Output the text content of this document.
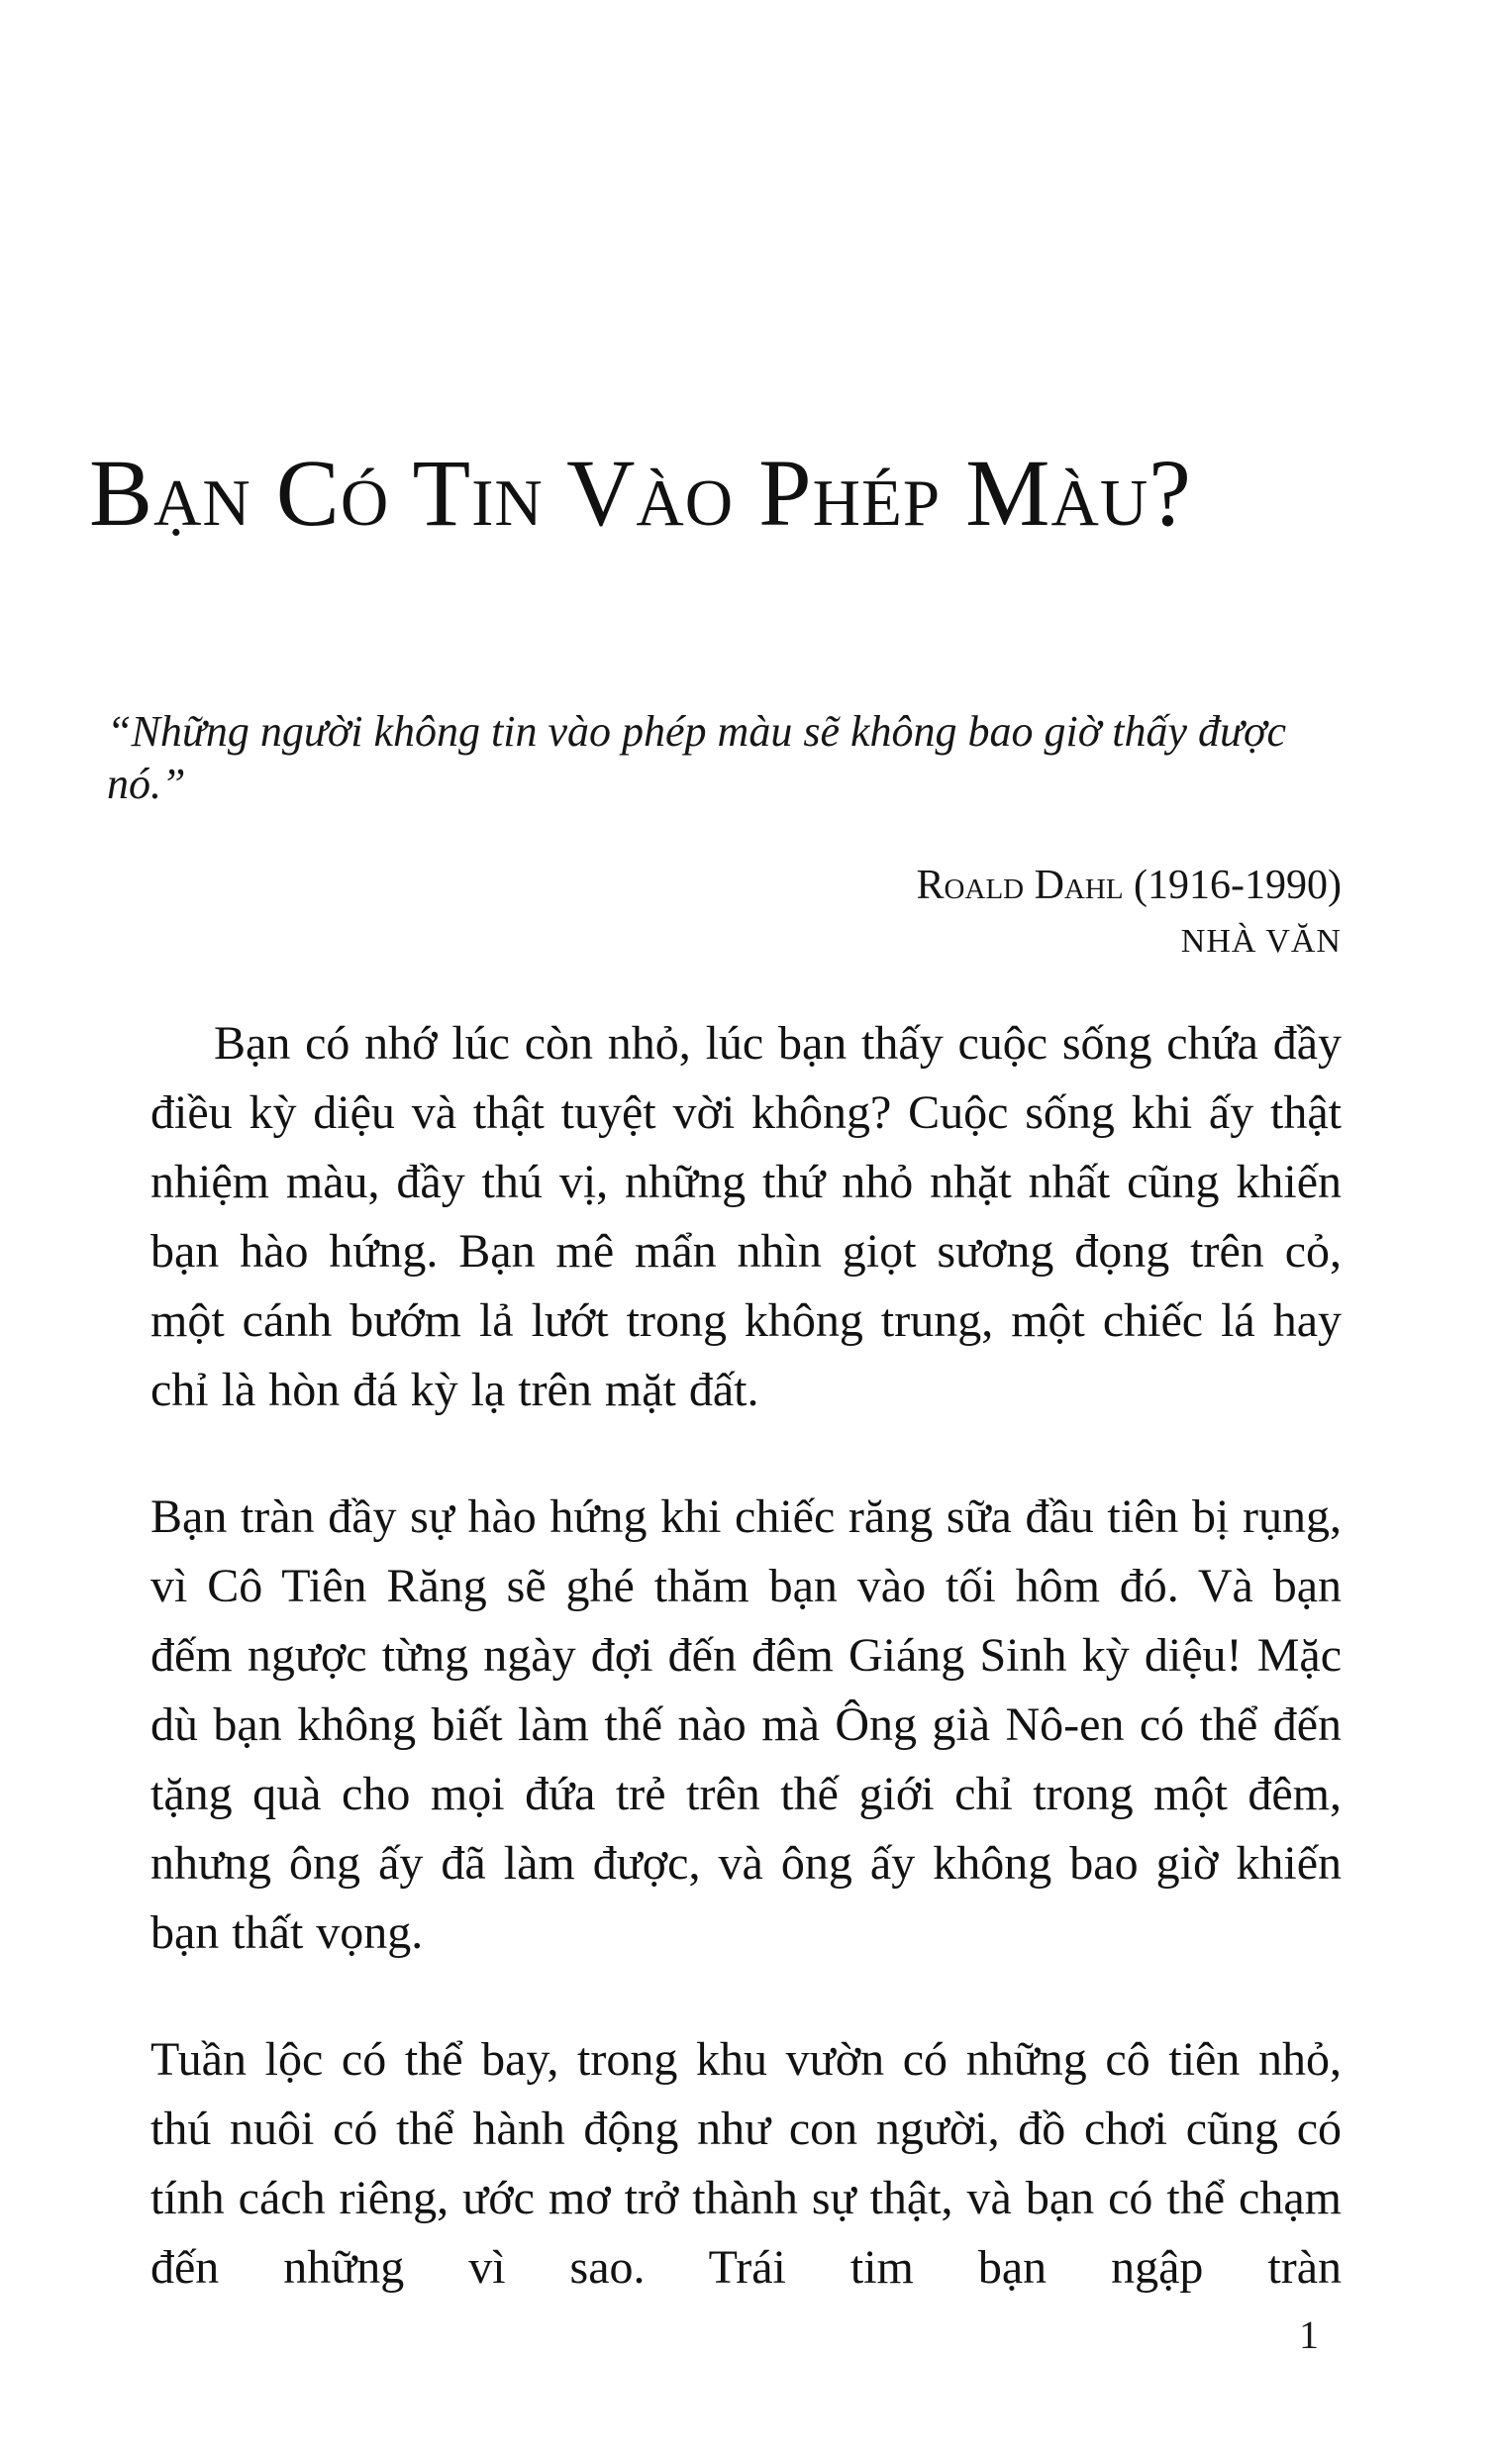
Bạn Có Tin Vào Phép Màu?
“Những người không tin vào phép màu sẽ không bao giờ thấy được nó.”
Roald Dahl (1916-1990)
NHÀ VĂN

Bạn có nhớ lúc còn nhỏ, lúc bạn thấy cuộc sống chứa đầy điều kỳ diệu và thật tuyệt vời không? Cuộc sống khi ấy thật nhiệm màu, đầy thú vị, những thứ nhỏ nhặt nhất cũng khiến bạn hào hứng. Bạn mê mẩn nhìn giọt sương đọng trên cỏ, một cánh bướm lả lướt trong không trung, một chiếc lá hay chỉ là hòn đá kỳ lạ trên mặt đất.

Bạn tràn đầy sự hào hứng khi chiếc răng sữa đầu tiên bị rụng, vì Cô Tiên Răng sẽ ghé thăm bạn vào tối hôm đó. Và bạn đếm ngược từng ngày đợi đến đêm Giáng Sinh kỳ diệu! Mặc dù bạn không biết làm thế nào mà Ông già Nô-en có thể đến tặng quà cho mọi đứa trẻ trên thế giới chỉ trong một đêm, nhưng ông ấy đã làm được, và ông ấy không bao giờ khiến bạn thất vọng.

Tuần lộc có thể bay, trong khu vườn có những cô tiên nhỏ, thú nuôi có thể hành động như con người, đồ chơi cũng có tính cách riêng, ước mơ trở thành sự thật, và bạn có thể chạm đến những vì sao. Trái tim bạn ngập tràn

1
